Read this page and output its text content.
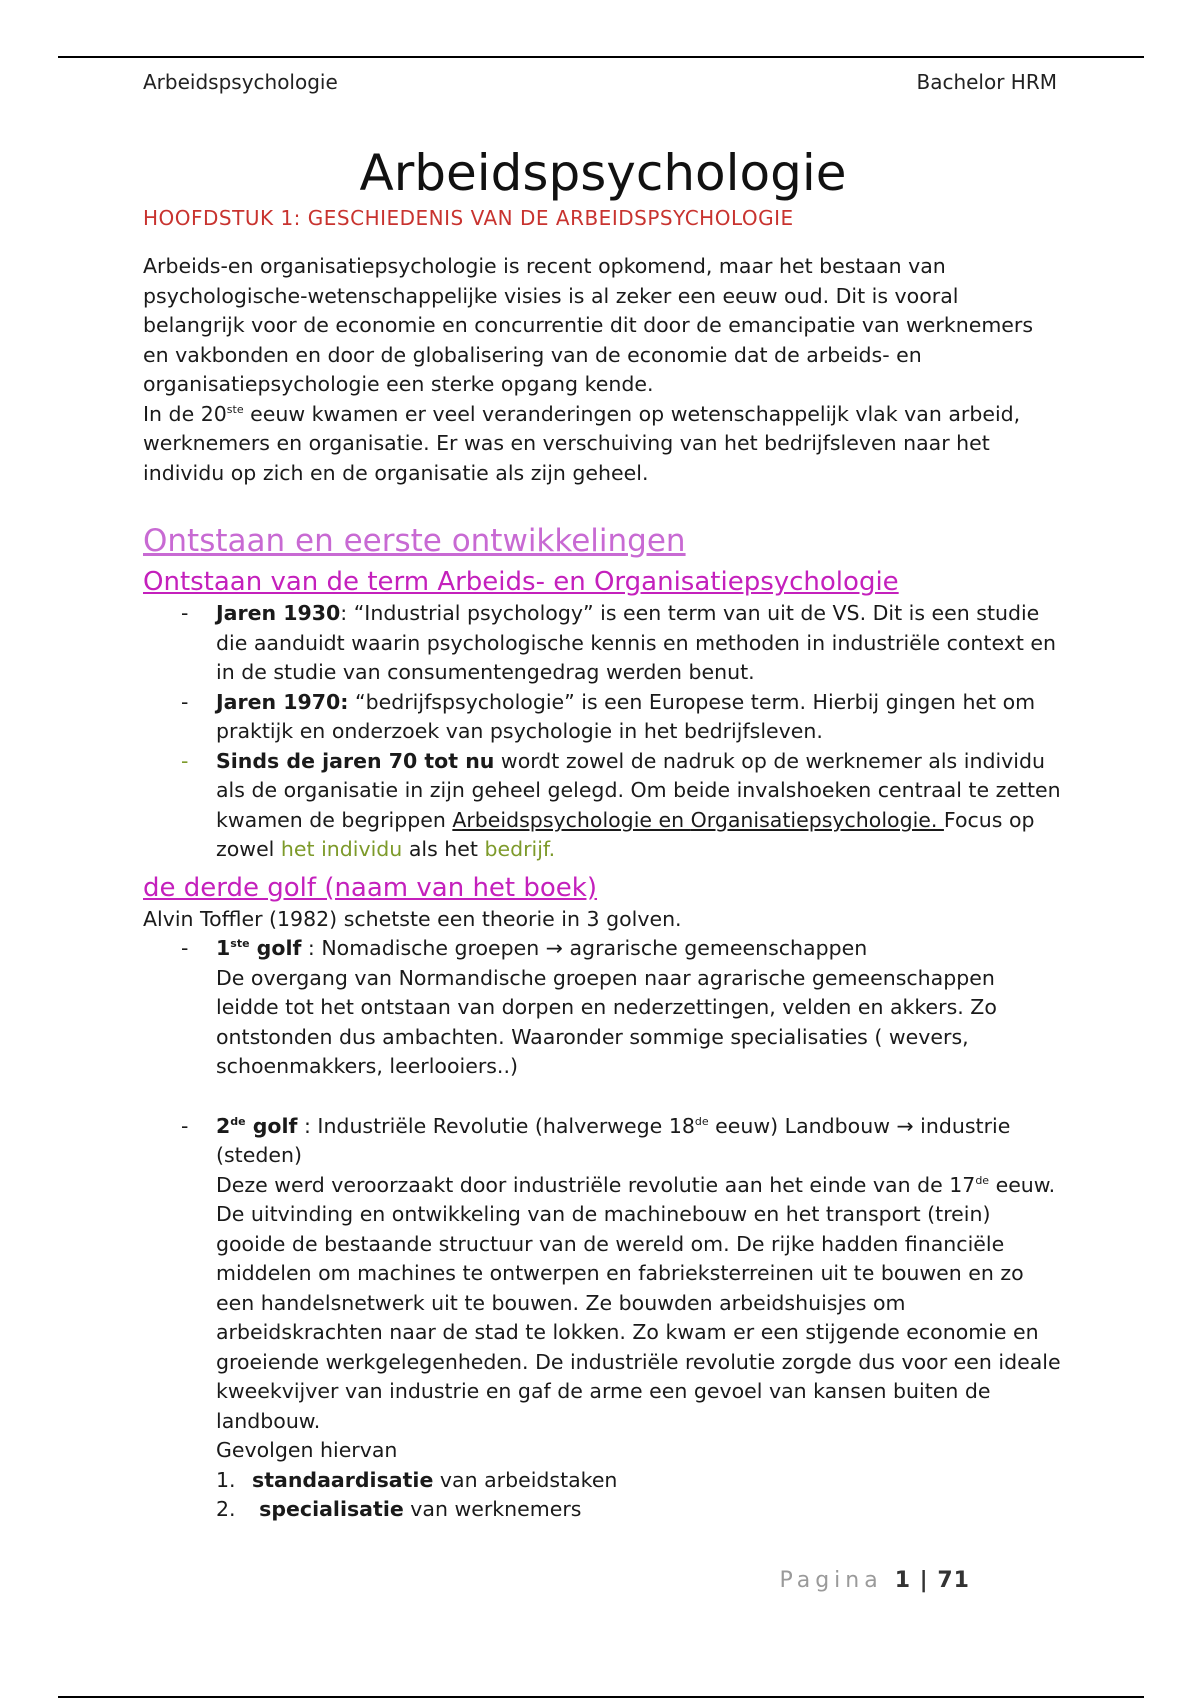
Arbeidspsychologie	Bachelor HRM
Arbeidspsychologie
HOOFDSTUK 1: GESCHIEDENIS VAN DE ARBEIDSPSYCHOLOGIE

Arbeids-en organisatiepsychologie is recent opkomend, maar het bestaan van psychologische-wetenschappelijke visies is al zeker een eeuw oud. Dit is vooral belangrijk voor de economie en concurrentie dit door de emancipatie van werknemers en vakbonden en door de globalisering van de economie dat de arbeids- en organisatiepsychologie een sterke opgang kende.

In de 20ste eeuw kwamen er veel veranderingen op wetenschappelijk vlak van arbeid, werknemers en organisatie. Er was en verschuiving van het bedrijfsleven naar het individu op zich en de organisatie als zijn geheel.

Ontstaan en eerste ontwikkelingen
Ontstaan van de term Arbeids- en Organisatiepsychologie
- Jaren 1930: “Industrial psychology” is een term van uit de VS. Dit is een studie die aanduidt waarin psychologische kennis en methoden in industriële context en in de studie van consumentengedrag werden benut.
- Jaren 1970: “bedrijfspsychologie” is een Europese term. Hierbij gingen het om praktijk en onderzoek van psychologie in het bedrijfsleven.
- Sinds de jaren 70 tot nu wordt zowel de nadruk op de werknemer als individu als de organisatie in zijn geheel gelegd. Om beide invalshoeken centraal te zetten kwamen de begrippen Arbeidspsychologie en Organisatiepsychologie. Focus op zowel het individu als het bedrijf.
de derde golf (naam van het boek)

Alvin Toffler (1982) schetste een theorie in 3 golven.

- 1ste golf : Nomadische groepen → agrarische gemeenschappen
De overgang van Normandische groepen naar agrarische gemeenschappen leidde tot het ontstaan van dorpen en nederzettingen, velden en akkers. Zo ontstonden dus ambachten. Waaronder sommige specialisaties ( wevers, schoenmakkers, leerlooiers..)
- 2de golf : Industriële Revolutie (halverwege 18de eeuw) Landbouw → industrie (steden)
Deze werd veroorzaakt door industriële revolutie aan het einde van de 17de eeuw. De uitvinding en ontwikkeling van de machinebouw en het transport (trein) gooide de bestaande structuur van de wereld om. De rijke hadden financiële middelen om machines te ontwerpen en fabrieksterreinen uit te bouwen en zo een handelsnetwerk uit te bouwen. Ze bouwden arbeidshuisjes om arbeidskrachten naar de stad te lokken. Zo kwam er een stijgende economie en groeiende werkgelegenheden. De industriële revolutie zorgde dus voor een ideale kweekvijver van industrie en gaf de arme een gevoel van kansen buiten de landbouw.
Gevolgen hiervan
1. standaardisatie van arbeidstaken
2. specialisatie van werknemers
Pagina 1 | 71
